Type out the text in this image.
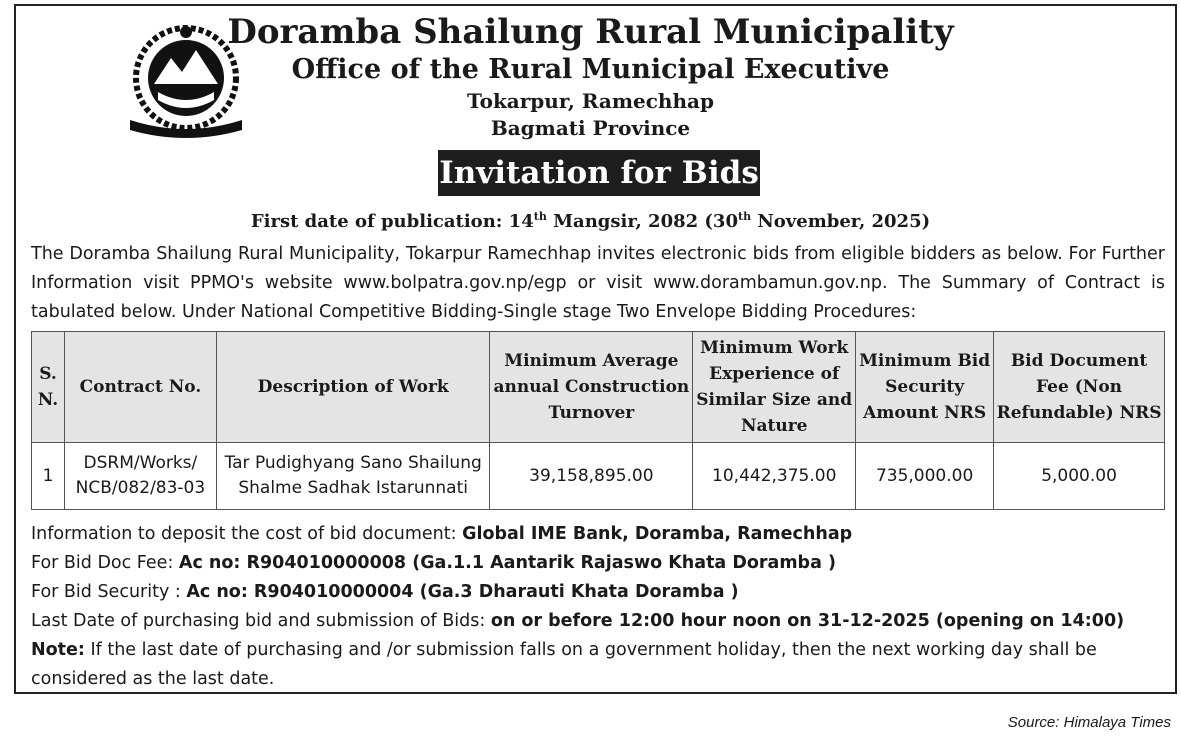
Doramba Shailung Rural Municipality
Office of the Rural Municipal Executive
Tokarpur, Ramechhap
Bagmati Province
Invitation for Bids
First date of publication: 14th Mangsir, 2082 (30th November, 2025)
The Doramba Shailung Rural Municipality, Tokarpur Ramechhap invites electronic bids from eligible bidders as below. For Further Information visit PPMO's website www.bolpatra.gov.np/egp or visit www.dorambamun.gov.np. The Summary of Contract is tabulated below. Under National Competitive Bidding-Single stage Two Envelope Bidding Procedures:
S. N.	Contract No.	Description of Work	Minimum Average annual Construction Turnover	Minimum Work Experience of Similar Size and Nature	Minimum Bid Security Amount NRS	Bid Document Fee (Non Refundable) NRS
1	DSRM/Works/ NCB/082/83-03	Tar Pudighyang Sano Shailung Shalme Sadhak Istarunnati	39,158,895.00	10,442,375.00	735,000.00	5,000.00
Information to deposit the cost of bid document: Global IME Bank, Doramba, Ramechhap
For Bid Doc Fee: Ac no: R904010000008 (Ga.1.1 Aantarik Rajaswo Khata Doramba )
For Bid Security : Ac no: R904010000004 (Ga.3 Dharauti Khata Doramba )
Last Date of purchasing bid and submission of Bids: on or before 12:00 hour noon on 31-12-2025 (opening on 14:00)
Note: If the last date of purchasing and /or submission falls on a government holiday, then the next working day shall be considered as the last date.
Source: Himalaya Times
